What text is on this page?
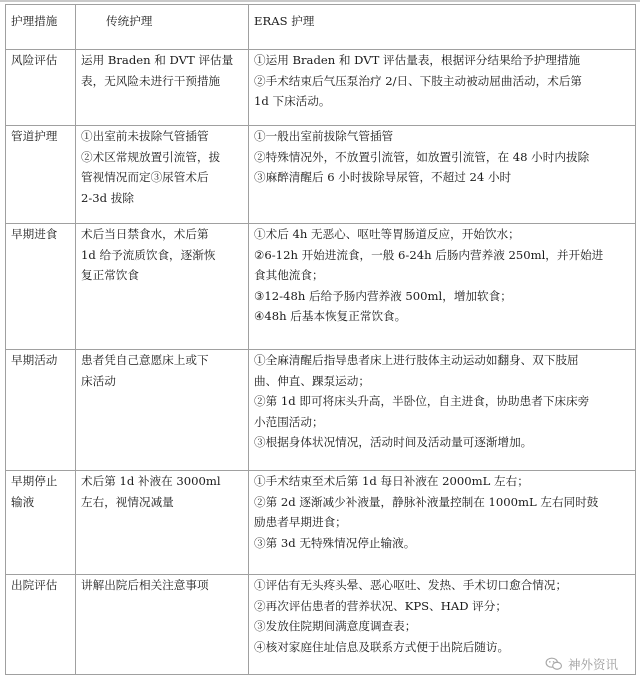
护理措施	传统护理	ERAS 护理

风险评估	运用 Braden 和 DVT 评估量
表，无风险未进行干预措施	①运用 Braden 和 DVT 评估量表，根据评分结果给予护理措施
②手术结束后气压泵治疗 2/日、下肢主动被动屈曲活动，术后第
1d 下床活动。

管道护理	①出室前未拔除气管插管
②术区常规放置引流管，拔
管视情况而定③尿管术后
2-3d 拔除	①一般出室前拔除气管插管
②特殊情况外，不放置引流管，如放置引流管，在 48 小时内拔除
③麻醉清醒后 6 小时拔除导尿管，不超过 24 小时

早期进食	术后当日禁食水，术后第
1d 给予流质饮食，逐渐恢
复正常饮食	①术后 4h 无恶心、呕吐等胃肠道反应，开始饮水；
②6-12h 开始进流食，一般 6-24h 后肠内营养液 250ml，并开始进
食其他流食；
③12-48h 后给予肠内营养液 500ml，增加软食；
④48h 后基本恢复正常饮食。

早期活动	患者凭自己意愿床上或下
床活动	①全麻清醒后指导患者床上进行肢体主动运动如翻身、双下肢屈
曲、伸直、踝泵运动；
②第 1d 即可将床头升高，半卧位，自主进食，协助患者下床床旁
小范围活动；
③根据身体状况情况，活动时间及活动量可逐渐增加。

早期停止
输液	术后第 1d 补液在 3000ml
左右，视情况减量	①手术结束至术后第 1d 每日补液在 2000mL 左右；
②第 2d 逐渐减少补液量，静脉补液量控制在 1000mL 左右同时鼓
励患者早期进食；
③第 3d 无特殊情况停止输液。

出院评估	讲解出院后相关注意事项	①评估有无头疼头晕、恶心呕吐、发热、手术切口愈合情况；
②再次评估患者的营养状况、KPS、HAD 评分；
③发放住院期间满意度调查表；
④核对家庭住址信息及联系方式便于出院后随访。
神外资讯
